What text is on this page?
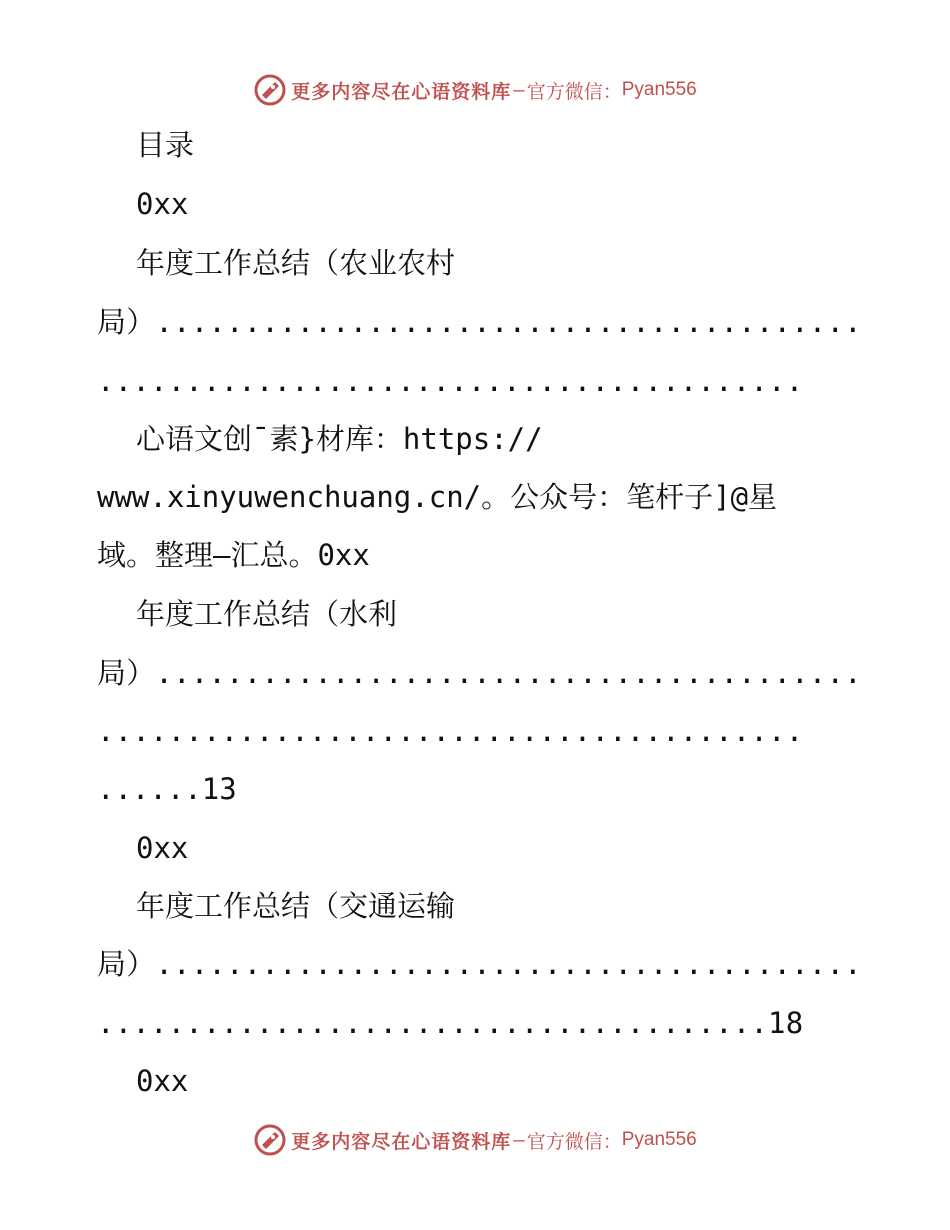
更多内容尽在心语资料库 — 官方微信： Pyan556
目录
0xx
年度工作总结（农业农村
局）........................................
........................................
心语文创¯素}材库：https://
www.xinyuwenchuang.cn/。公众号：笔杆子]@星
域。整理—汇总。0xx
年度工作总结（水利
局）........................................
........................................
......13
0xx
年度工作总结（交通运输
局）........................................
......................................18
0xx
更多内容尽在心语资料库 — 官方微信： Pyan556
